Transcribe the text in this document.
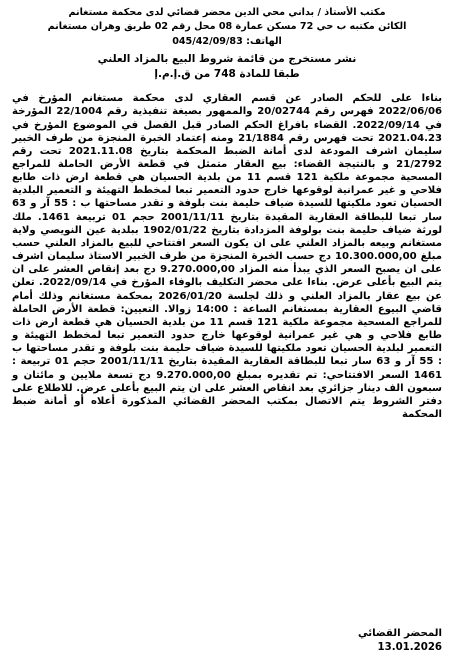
مكتب الأستاذ / بداني محي الدين محضر قضائي لدى محكمة مستغانم
الكائن مكتبه ب حي 72 مسكن عمارة 08 محل رقم 02 طريق وهران مستغانم
الهاتف: 045/42/09/83
نشر مستخرج من قائمة شروط البيع بالمزاد العلني
طبقا للمادة 748 من ق.إ.م.إ

بناءا على للحكم الصادر عن قسم العقاري لدى محكمة مستغانم المؤرخ في 2022/06/06 فهرس رقم 20/02744 والممهور بصيغة تنفيذية رقم 22/1004 المؤرخة في 2022/09/14. القضاء بافراغ الحكم الصادر قبل الفصل في الموضوع المؤرخ في 2021.04.23 تحت فهرس رقم 21/1884 ومنه إعتماد الخبرة المنجزة من طرف الخبير سليمان اشرف المودعة لدى أمانة الضبط المحكمة بتاريخ 2021.11.08 تحت رقم 21/2792 و بالنتيجة القضاء: بيع العقار متمثل في قطعة الأرض الحاملة للمراجع المسحية مجموعة ملكية 121 قسم 11 من بلدية الحسيان هي قطعة ارض ذات طابع فلاحي و غير عمرانية لوقوعها خارج حدود التعمير تبعا لمخطط التهيئة و التعمير البلدية الحسيان تعود ملكيتها للسيدة ضياف حليمة بنت بلوفة و تقدر مساحتها ب : 55 آر و 63 سار تبعا للبطاقة العقارية المقيدة بتاريخ 2001/11/11 حجم 01 تربيعة 1461. ملك لورثة ضياف حليمة بنت بولوفة المزدادة بتاريخ 1902/01/22 ببلدية عين النويصي ولاية مستغانم وبيعه بالمزاد العلني على ان يكون السعر افتتاحي للبيع بالمزاد العلني حسب مبلغ 10.300.000,00 دج حسب الخبرة المنجزة من طرف الخبير الاستاذ سليمان اشرف على ان يصبح السعر الذي يبدأ منه المزاد 9.270.000,00 دج بعد إنقاص العشر على ان يتم البيع بأعلى عرض. بناءا على محضر التكليف بالوفاء المؤرخ في 2022/09/14. تعلن عن بيع عقار بالمزاد العلني و ذلك لجلسة 2026/01/20 بمحكمة مستغانم وذلك أمام قاضي البيوع العقارية بمستغانم الساعة : 14:00 زوالا. التعيين: قطعة الأرض الحاملة للمراجع المسحية مجموعة ملكية 121 قسم 11 من بلدية الحسيان هي قطعة ارض ذات طابع فلاحي و هي غير عمرانية لوقوعها خارج حدود التعمير تبعا لمخطط التهيئة و التعمير لبلدية الحسيان تعود ملكيتها للسيدة ضياف حليمة بنت بلوفة و تقدر مساحتها ب : 55 آر و 63 سار تبعا للبطاقة العقارية المقيدة بتاريخ 2001/11/11 حجم 01 تربيعة : 1461 السعر الافتتاحي: تم تقديره بمبلغ 9.270.000,00 دج تسعة ملايين و مائتان و سبعون الف دينار جزائري بعد انقاص العشر على ان يتم البيع بأعلى عرض. للاطلاع على دفتر الشروط يتم الاتصال بمكتب المحضر القضائي المذكورة أعلاه أو أمانة ضبط المحكمة

المحضر القضائي
13.01.2026
